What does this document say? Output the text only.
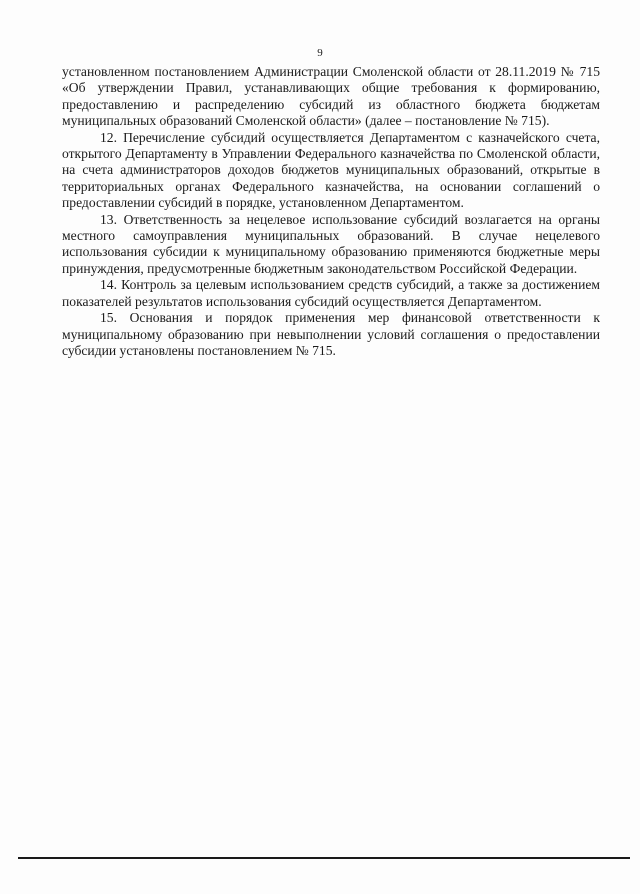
9

установленном постановлением Администрации Смоленской области от 28.11.2019 № 715 «Об утверждении Правил, устанавливающих общие требования к формированию, предоставлению и распределению субсидий из областного бюджета бюджетам муниципальных образований Смоленской области» (далее – постановление № 715).

12. Перечисление субсидий осуществляется Департаментом с казначейского счета, открытого Департаменту в Управлении Федерального казначейства по Смоленской области, на счета администраторов доходов бюджетов муниципальных образований, открытые в территориальных органах Федерального казначейства, на основании соглашений о предоставлении субсидий в порядке, установленном Департаментом.

13. Ответственность за нецелевое использование субсидий возлагается на органы местного самоуправления муниципальных образований. В случае нецелевого использования субсидии к муниципальному образованию применяются бюджетные меры принуждения, предусмотренные бюджетным законодательством Российской Федерации.

14. Контроль за целевым использованием средств субсидий, а также за достижением показателей результатов использования субсидий осуществляется Департаментом.

15. Основания и порядок применения мер финансовой ответственности к муниципальному образованию при невыполнении условий соглашения о предоставлении субсидии установлены постановлением № 715.
